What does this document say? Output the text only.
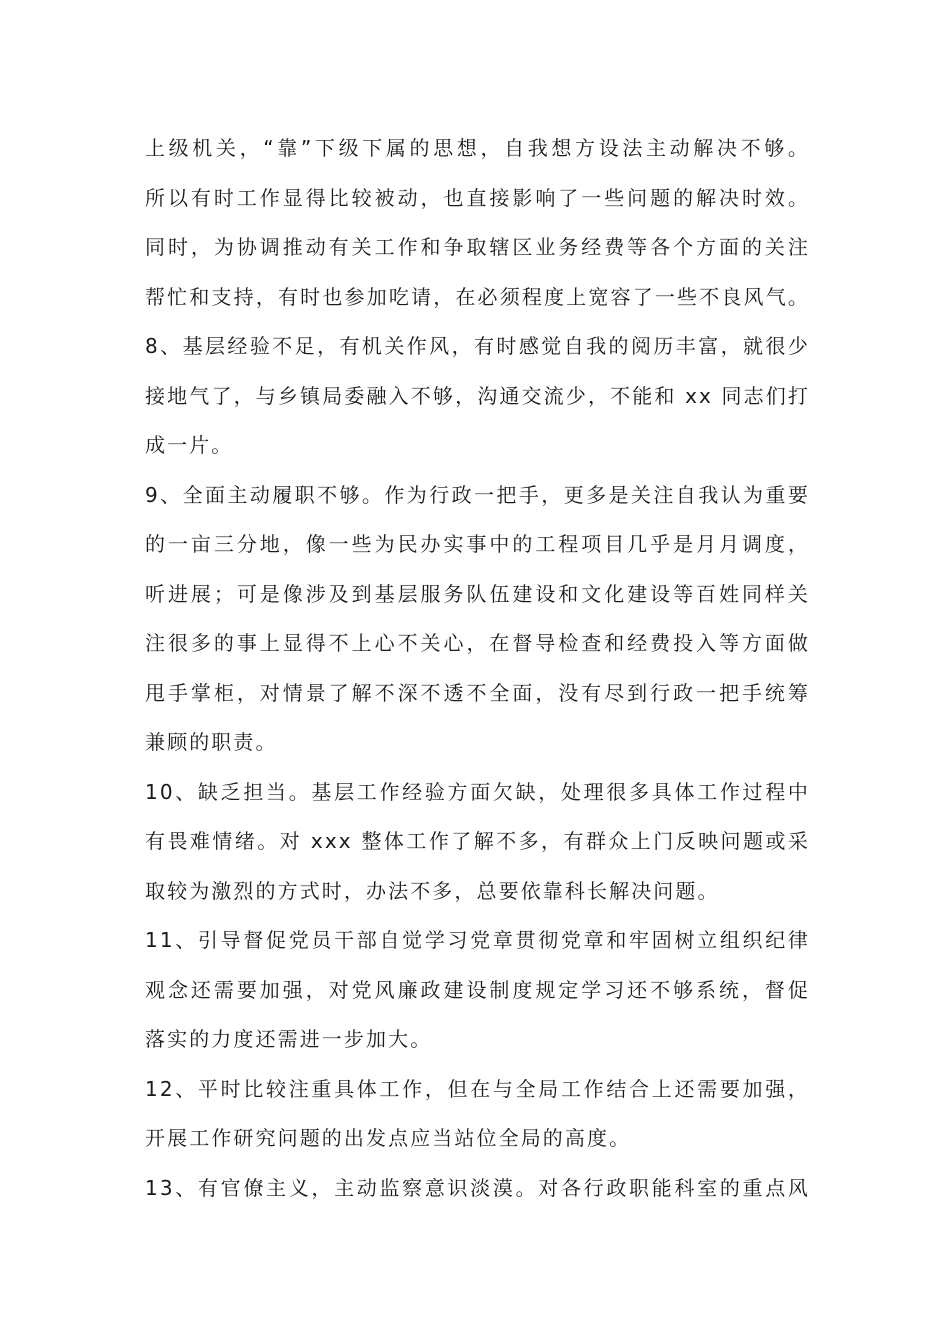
上级机关，“靠”下级下属的思想，自我想方设法主动解决不够。
所以有时工作显得比较被动，也直接影响了一些问题的解决时效。
同时，为协调推动有关工作和争取辖区业务经费等各个方面的关注
帮忙和支持，有时也参加吃请，在必须程度上宽容了一些不良风气。
8、基层经验不足，有机关作风，有时感觉自我的阅历丰富，就很少
接地气了，与乡镇局委融入不够，沟通交流少，不能和 xx 同志们打
成一片。
9、全面主动履职不够。作为行政一把手，更多是关注自我认为重要
的一亩三分地，像一些为民办实事中的工程项目几乎是月月调度，
听进展；可是像涉及到基层服务队伍建设和文化建设等百姓同样关
注很多的事上显得不上心不关心，在督导检查和经费投入等方面做
甩手掌柜，对情景了解不深不透不全面，没有尽到行政一把手统筹
兼顾的职责。
10、缺乏担当。基层工作经验方面欠缺，处理很多具体工作过程中
有畏难情绪。对 xxx 整体工作了解不多，有群众上门反映问题或采
取较为激烈的方式时，办法不多，总要依靠科长解决问题。
11、引导督促党员干部自觉学习党章贯彻党章和牢固树立组织纪律
观念还需要加强，对党风廉政建设制度规定学习还不够系统，督促
落实的力度还需进一步加大。
12、平时比较注重具体工作，但在与全局工作结合上还需要加强，
开展工作研究问题的出发点应当站位全局的高度。
13、有官僚主义，主动监察意识淡漠。对各行政职能科室的重点风
